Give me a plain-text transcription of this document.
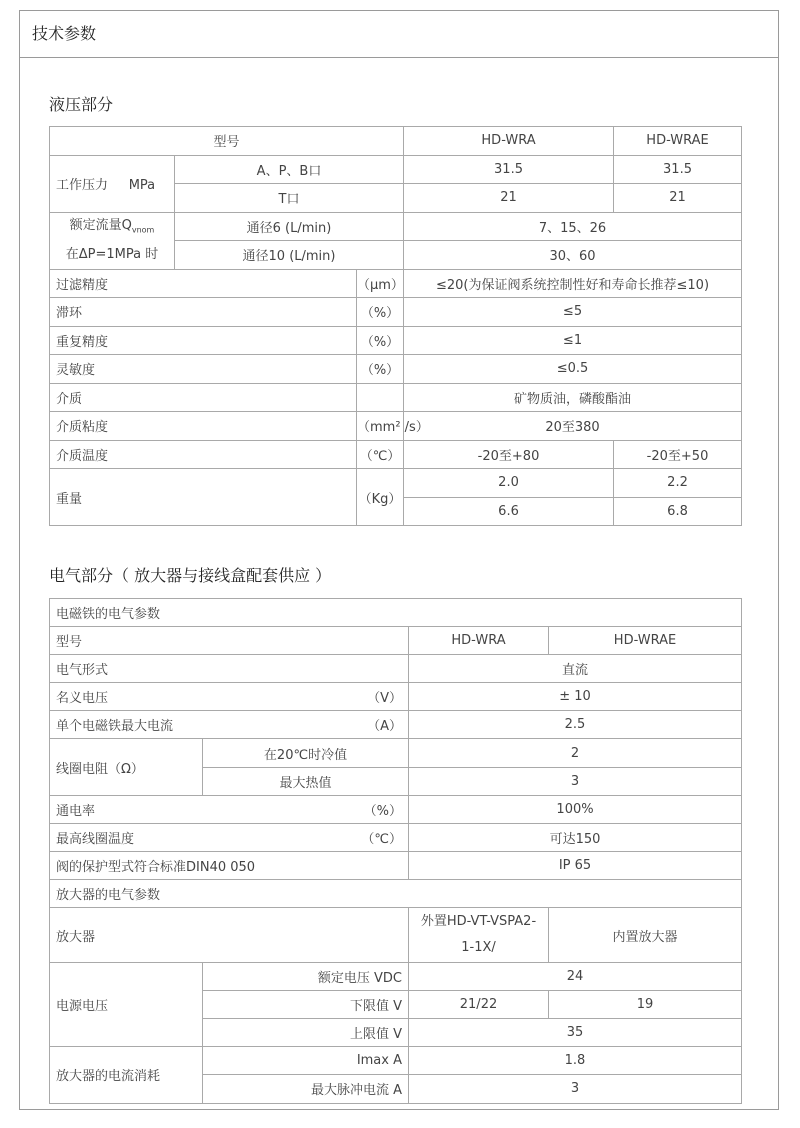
技术参数
液压部分
型号			HD-WRA	HD-WRAE
工作压力 MPa	A、P、B口		31.5	31.5
	T口		21	21
额定流量$Q_{vnom}$
在ΔP=1MPa 时	通径6 (L/min)		7、15、26	
	通径10 (L/min)		30、60	
过滤精度		（μm）	≤20(为保证阀系统控制性好和寿命长推荐≤10)	
滞环		（%）	≤5	
重复精度		（%）	≤1	
灵敏度		（%）	≤0.5	
介质			矿物质油，磷酸酯油	
介质粘度		（mm² /s）	20至380	
介质温度		（℃）	-20至+80	-20至+50
重量		（Kg）	2.0	2.2
			6.6	6.8
电气部分（ 放大器与接线盒配套供应 ）
电磁铁的电气参数			
型号		HD-WRA	HD-WRAE
电气形式		直流	
名义电压 （V）		± 10	
单个电磁铁最大电流 （A）		2.5	
线圈电阻（Ω）	在20℃时冷值	2	
	最大热值	3	
通电率 （%）		100%	
最高线圈温度 （℃）		可达150	
阀的保护型式符合标准DIN40 050		IP 65	
放大器的电气参数			
放大器		外置HD-VT-VSPA2-1-1X/	内置放大器
电源电压	额定电压 VDC	24	
	下限值 V	21/22	19
	上限值 V	35	
放大器的电流消耗	Imax A	1.8	
	最大脉冲电流 A	3	
